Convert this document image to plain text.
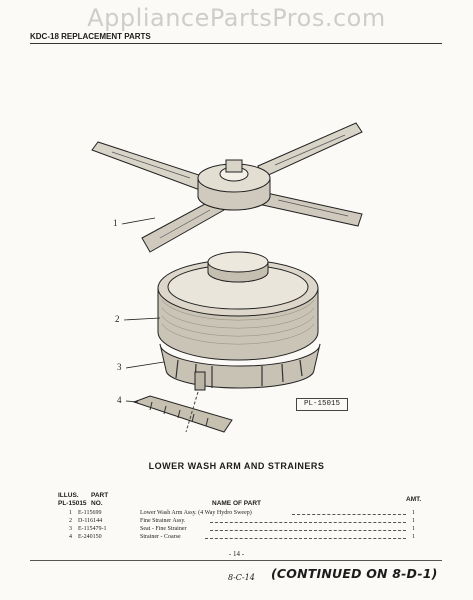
AppliancePartsPros.com
KDC-18 REPLACEMENT PARTS
1
2
3
4	PL-15015
LOWER WASH ARM AND STRAINERS
ILLUS.
PL-15015
PART
NO.	NAME OF PART
AMT.
1 E-115699	Lower Wash Arm Assy. (4 Way Hydro Sweep)	1
2 D-116144	Fine Strainer Assy.	1
3 E-115479-1	Seat - Fine Strainer	1
4 E-240150	Strainer - Coarse	1
- 14 -
8-C-14 (CONTINUED ON 8-D-1)
